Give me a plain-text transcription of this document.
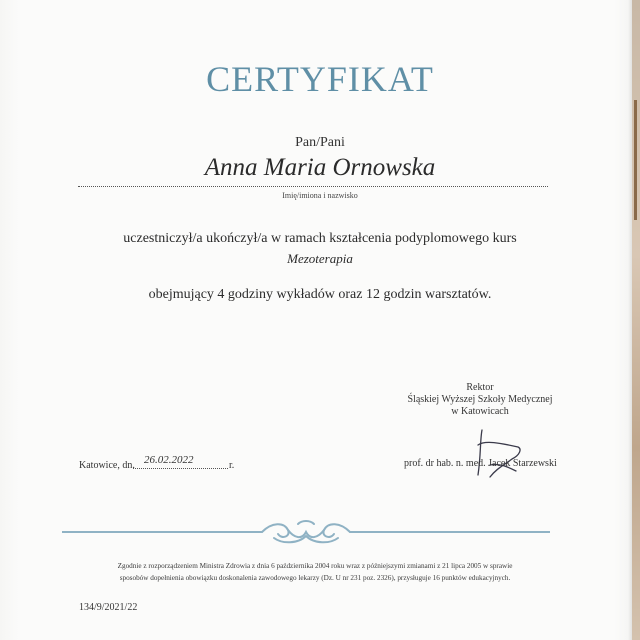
CERTYFIKAT
Pan/Pani
Anna Maria Ornowska
Imię/imiona i nazwisko
uczestniczył/a ukończył/a w ramach kształcenia podyplomowego kurs
Mezoterapia
obejmujący 4 godziny wykładów oraz 12 godzin warsztatów.
Rektor
Śląskiej Wyższej Szkoły Medycznej
w Katowicach
prof. dr hab. n. med. Jacek Starzewski
Katowice, dn. 26.02.2022	r.
Zgodnie z rozporządzeniem Ministra Zdrowia z dnia 6 października 2004 roku wraz z późniejszymi zmianami z 21 lipca 2005 w sprawie
sposobów dopełnienia obowiązku doskonalenia zawodowego lekarzy (Dz. U nr 231 poz. 2326), przysługuje 16 punktów edukacyjnych.
134/9/2021/22
